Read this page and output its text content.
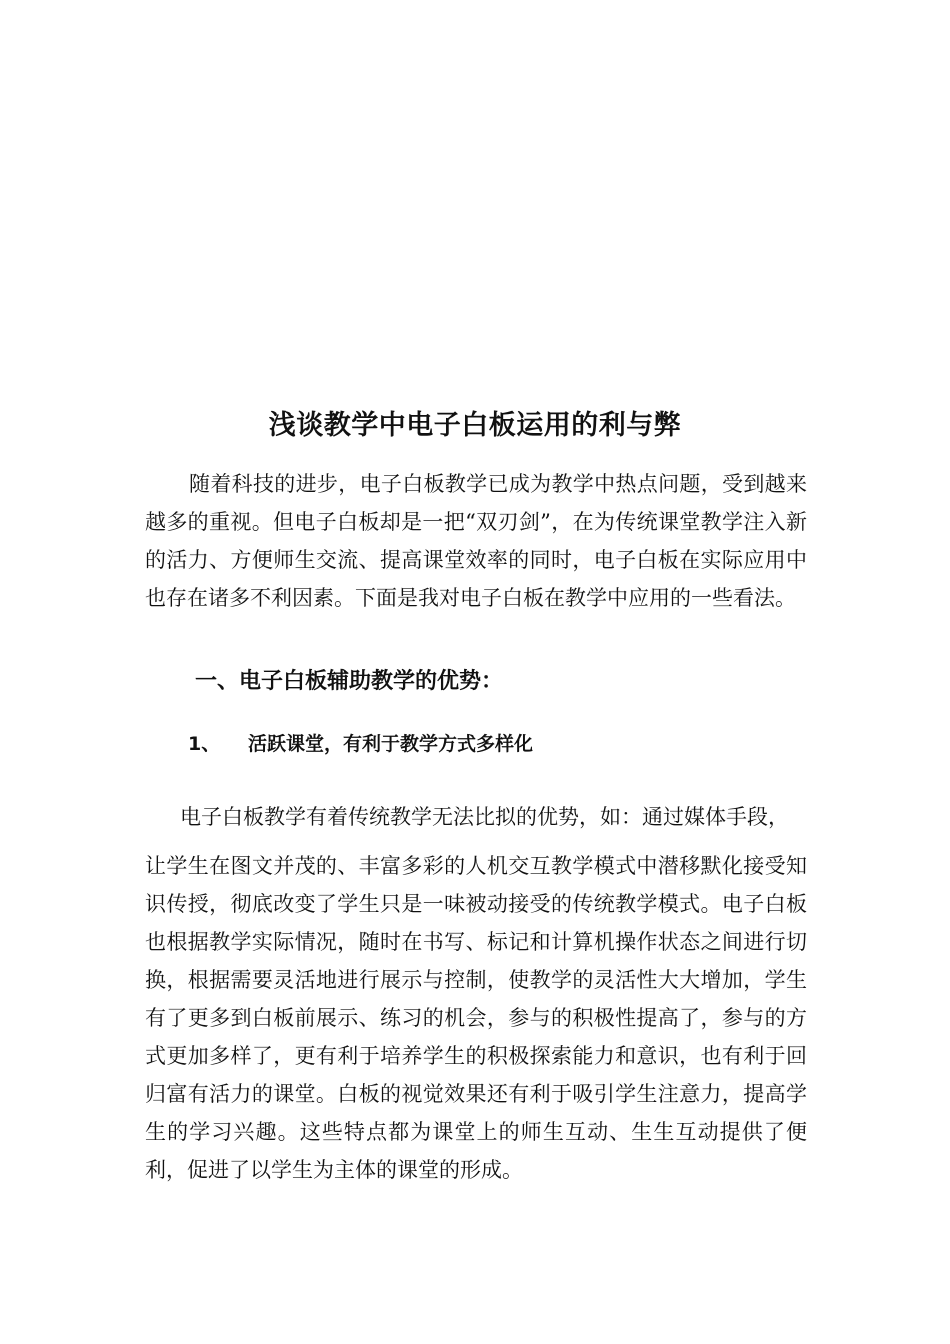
浅谈教学中电子白板运用的利与弊

随着科技的进步，电子白板教学已成为教学中热点问题，受到越来越多的重视。但电子白板却是一把“双刃剑”，在为传统课堂教学注入新的活力、方便师生交流、提高课堂效率的同时，电子白板在实际应用中也存在诸多不利因素。下面是我对电子白板在教学中应用的一些看法。

一、电子白板辅助教学的优势：
1、 活跃课堂，有利于教学方式多样化
电子白板教学有着传统教学无法比拟的优势，如：通过媒体手段，

让学生在图文并茂的、丰富多彩的人机交互教学模式中潜移默化接受知识传授，彻底改变了学生只是一味被动接受的传统教学模式。电子白板也根据教学实际情况，随时在书写、标记和计算机操作状态之间进行切换，根据需要灵活地进行展示与控制，使教学的灵活性大大增加，学生有了更多到白板前展示、练习的机会，参与的积极性提高了，参与的方式更加多样了，更有利于培养学生的积极探索能力和意识，也有利于回归富有活力的课堂。白板的视觉效果还有利于吸引学生注意力，提高学生的学习兴趣。这些特点都为课堂上的师生互动、生生互动提供了便利，促进了以学生为主体的课堂的形成。
